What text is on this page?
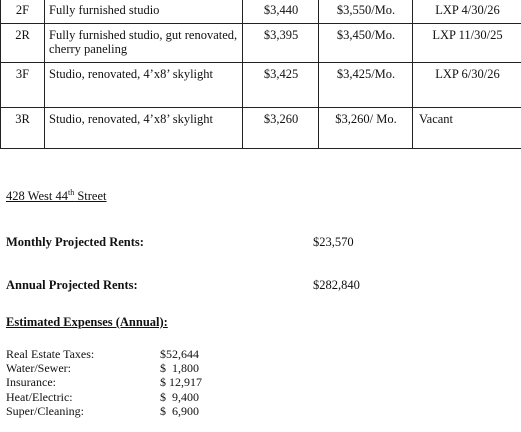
2F	Fully furnished studio	$3,440	$3,550/Mo.	LXP 4/30/26
2R	Fully furnished studio, gut renovated, cherry paneling	$3,395	$3,450/Mo.	LXP 11/30/25
3F	Studio, renovated, 4’x8’ skylight	$3,425	$3,425/Mo.	LXP 6/30/26
3R	Studio, renovated, 4’x8’ skylight	$3,260	$3,260/ Mo.	Vacant
428 West 44th Street
Monthly Projected Rents:	$23,570
Annual Projected Rents:	$282,840
Estimated Expenses (Annual):
Real Estate Taxes:	$52,644
Water/Sewer:	$  1,800
Insurance:	$ 12,917
Heat/Electric:	$  9,400
Super/Cleaning:	$  6,900
